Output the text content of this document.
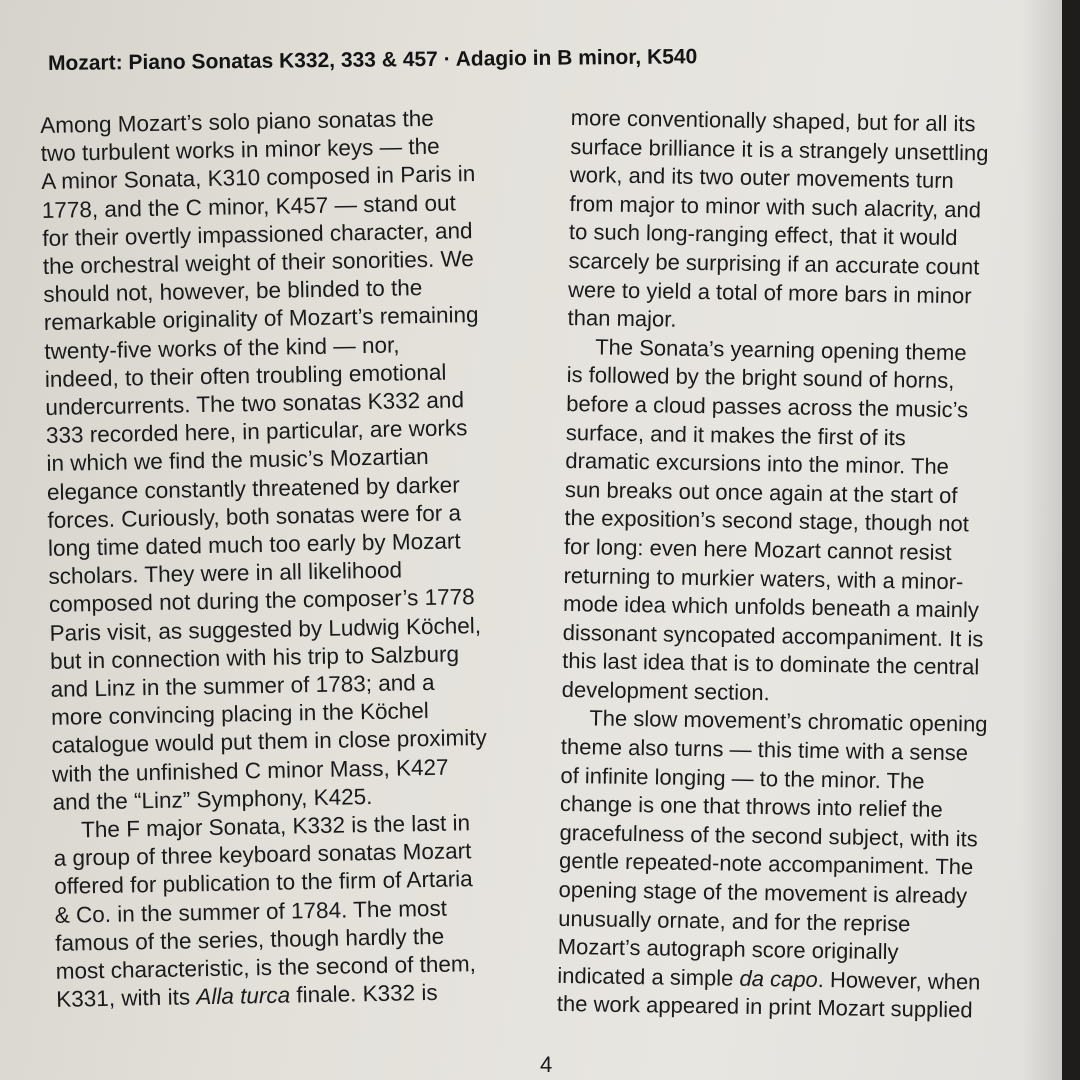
Mozart: Piano Sonatas K332, 333 & 457 · Adagio in B minor, K540
Among Mozart’s solo piano sonatas the
two turbulent works in minor keys — the
A minor Sonata, K310 composed in Paris in
1778, and the C minor, K457 — stand out
for their overtly impassioned character, and
the orchestral weight of their sonorities. We
should not, however, be blinded to the
remarkable originality of Mozart’s remaining
twenty-five works of the kind — nor,
indeed, to their often troubling emotional
undercurrents. The two sonatas K332 and
333 recorded here, in particular, are works
in which we find the music’s Mozartian
elegance constantly threatened by darker
forces. Curiously, both sonatas were for a
long time dated much too early by Mozart
scholars. They were in all likelihood
composed not during the composer’s 1778
Paris visit, as suggested by Ludwig Köchel,
but in connection with his trip to Salzburg
and Linz in the summer of 1783; and a
more convincing placing in the Köchel
catalogue would put them in close proximity
with the unfinished C minor Mass, K427
and the “Linz” Symphony, K425.
The F major Sonata, K332 is the last in
a group of three keyboard sonatas Mozart
offered for publication to the firm of Artaria
& Co. in the summer of 1784. The most
famous of the series, though hardly the
most characteristic, is the second of them,
K331, with its Alla turca finale. K332 is
more conventionally shaped, but for all its
surface brilliance it is a strangely unsettling
work, and its two outer movements turn
from major to minor with such alacrity, and
to such long-ranging effect, that it would
scarcely be surprising if an accurate count
were to yield a total of more bars in minor
than major.
The Sonata’s yearning opening theme
is followed by the bright sound of horns,
before a cloud passes across the music’s
surface, and it makes the first of its
dramatic excursions into the minor. The
sun breaks out once again at the start of
the exposition’s second stage, though not
for long: even here Mozart cannot resist
returning to murkier waters, with a minor-
mode idea which unfolds beneath a mainly
dissonant syncopated accompaniment. It is
this last idea that is to dominate the central
development section.
The slow movement’s chromatic opening
theme also turns — this time with a sense
of infinite longing — to the minor. The
change is one that throws into relief the
gracefulness of the second subject, with its
gentle repeated-note accompaniment. The
opening stage of the movement is already
unusually ornate, and for the reprise
Mozart’s autograph score originally
indicated a simple da capo. However, when
the work appeared in print Mozart supplied
4
